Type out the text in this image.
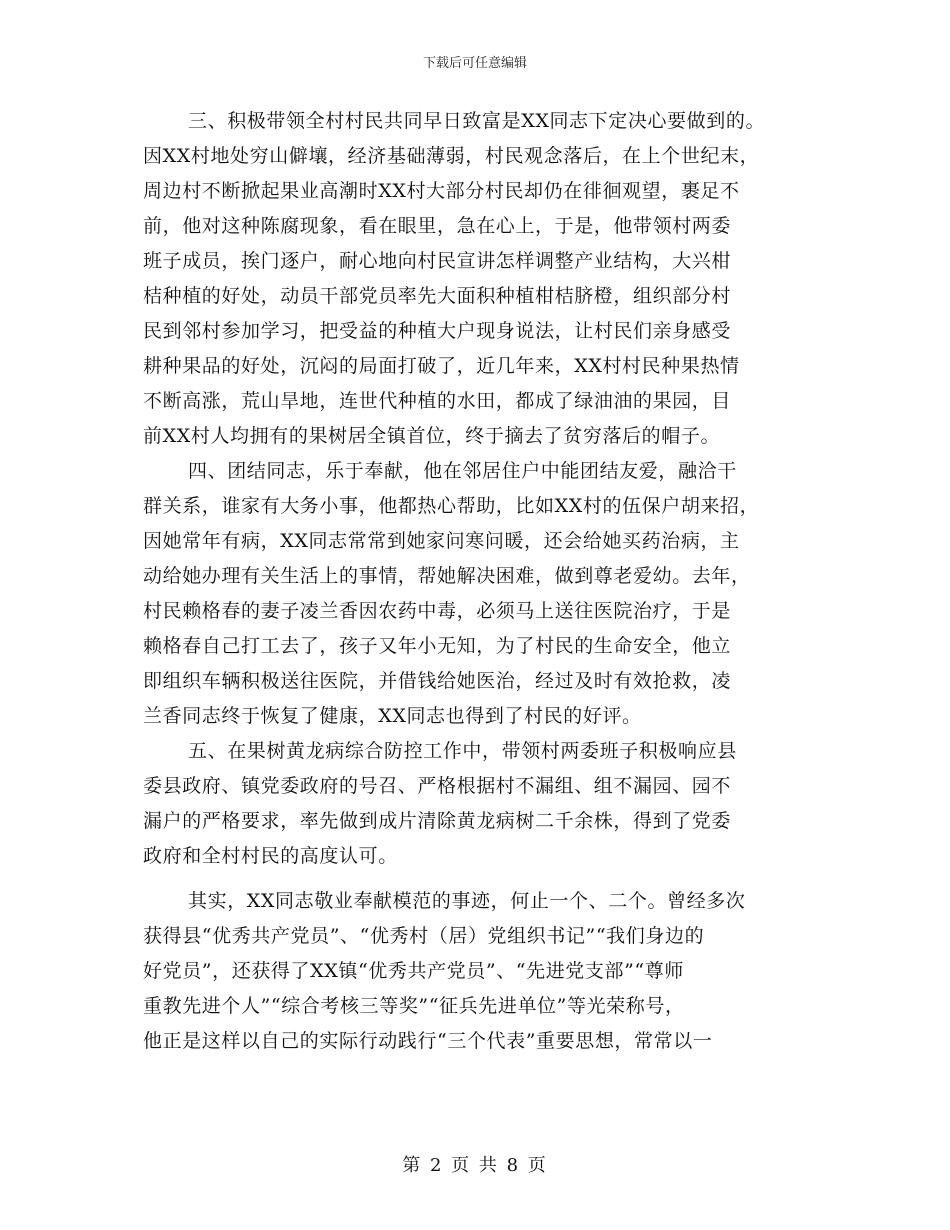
下载后可任意编辑
三、积极带领全村村民共同早日致富是XX同志下定决心要做到的。
因XX村地处穷山僻壤，经济基础薄弱，村民观念落后，在上个世纪末，
周边村不断掀起果业高潮时XX村大部分村民却仍在徘徊观望，裹足不
前，他对这种陈腐现象，看在眼里，急在心上，于是，他带领村两委
班子成员，挨门逐户，耐心地向村民宣讲怎样调整产业结构，大兴柑
桔种植的好处，动员干部党员率先大面积种植柑桔脐橙，组织部分村
民到邻村参加学习，把受益的种植大户现身说法，让村民们亲身感受
耕种果品的好处，沉闷的局面打破了，近几年来，XX村村民种果热情
不断高涨，荒山旱地，连世代种植的水田，都成了绿油油的果园，目
前XX村人均拥有的果树居全镇首位，终于摘去了贫穷落后的帽子。
四、团结同志，乐于奉献，他在邻居住户中能团结友爱，融洽干
群关系，谁家有大务小事，他都热心帮助，比如XX村的伍保户胡来招，
因她常年有病，XX同志常常到她家问寒问暖，还会给她买药治病，主
动给她办理有关生活上的事情，帮她解决困难，做到尊老爱幼。去年，
村民赖格春的妻子凌兰香因农药中毒，必须马上送往医院治疗，于是
赖格春自己打工去了，孩子又年小无知，为了村民的生命安全，他立
即组织车辆积极送往医院，并借钱给她医治，经过及时有效抢救，凌
兰香同志终于恢复了健康，XX同志也得到了村民的好评。
五、在果树黄龙病综合防控工作中，带领村两委班子积极响应县
委县政府、镇党委政府的号召、严格根据村不漏组、组不漏园、园不
漏户的严格要求，率先做到成片清除黄龙病树二千余株，得到了党委
政府和全村村民的高度认可。
其实，XX同志敬业奉献模范的事迹，何止一个、二个。曾经多次
获得县“优秀共产党员”、“优秀村（居）党组织书记”“我们身边的
好党员”，还获得了XX镇“优秀共产党员”、“先进党支部”“尊师
重教先进个人”“综合考核三等奖”“征兵先进单位”等光荣称号，
他正是这样以自己的实际行动践行“三个代表”重要思想，常常以一
第 2 页 共 8 页
